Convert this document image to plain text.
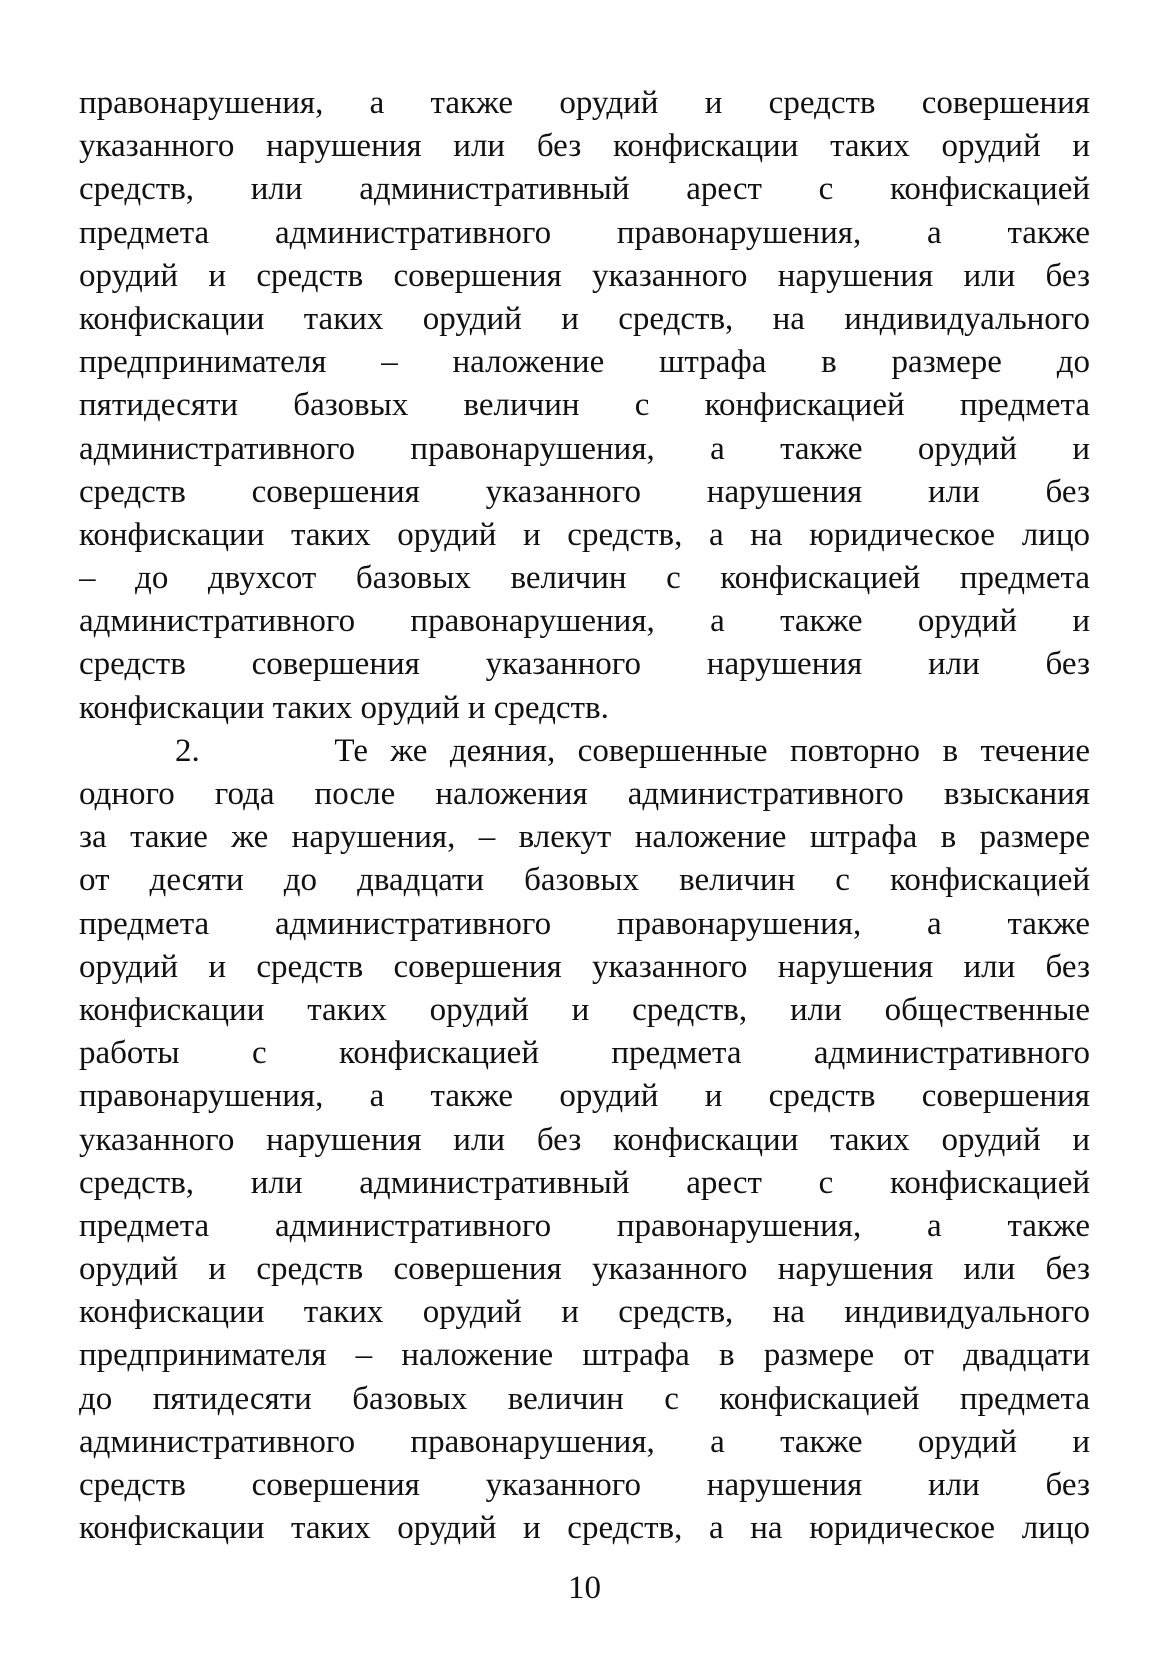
правонарушения, а также орудий и средств совершения
указанного нарушения или без конфискации таких орудий и
средств, или административный арест с конфискацией
предмета административного правонарушения, а также
орудий и средств совершения указанного нарушения или без
конфискации таких орудий и средств, на индивидуального
предпринимателя – наложение штрафа в размере до
пятидесяти базовых величин с конфискацией предмета
административного правонарушения, а также орудий и
средств совершения указанного нарушения или без
конфискации таких орудий и средств, а на юридическое лицо
– до двухсот базовых величин с конфискацией предмета
административного правонарушения, а также орудий и
средств совершения указанного нарушения или без
конфискации таких орудий и средств.
2.      Те же деяния, совершенные повторно в течение
одного года после наложения административного взыскания
за такие же нарушения, – влекут наложение штрафа в размере
от десяти до двадцати базовых величин с конфискацией
предмета административного правонарушения, а также
орудий и средств совершения указанного нарушения или без
конфискации таких орудий и средств, или общественные
работы с конфискацией предмета административного
правонарушения, а также орудий и средств совершения
указанного нарушения или без конфискации таких орудий и
средств, или административный арест с конфискацией
предмета административного правонарушения, а также
орудий и средств совершения указанного нарушения или без
конфискации таких орудий и средств, на индивидуального
предпринимателя – наложение штрафа в размере от двадцати
до пятидесяти базовых величин с конфискацией предмета
административного правонарушения, а также орудий и
средств совершения указанного нарушения или без
конфискации таких орудий и средств, а на юридическое лицо
10
